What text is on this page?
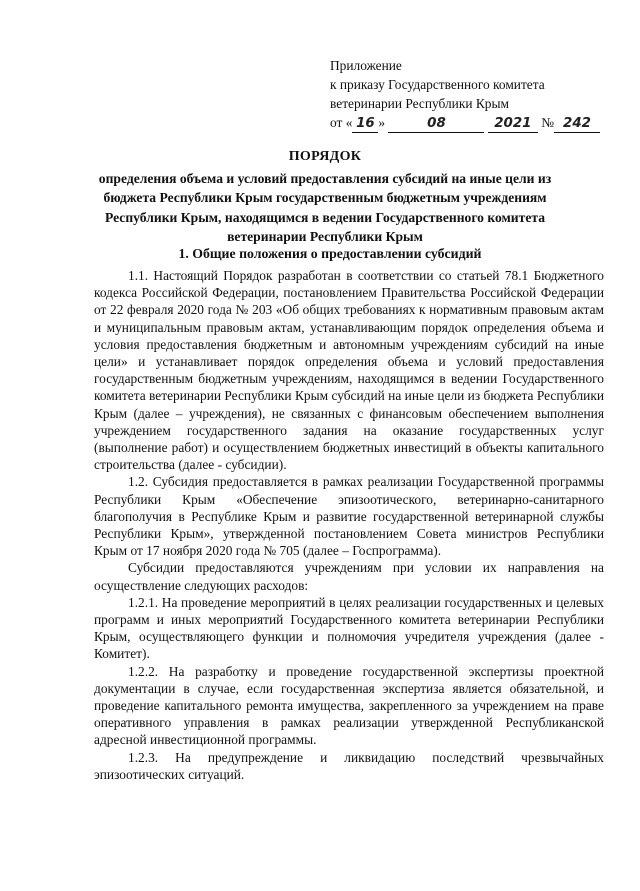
Приложение
к приказу Государственного комитета
ветеринарии Республики Крым
от « 16 »	08	2021 № 242
ПОРЯДОК
определения объема и условий предоставления субсидий на иные цели из
бюджета Республики Крым государственным бюджетным учреждениям
Республики Крым, находящимся в ведении Государственного комитета
ветеринарии Республики Крым
1. Общие положения о предоставлении субсидий

1.1. Настоящий Порядок разработан в соответствии со статьей 78.1 Бюджетного кодекса Российской Федерации, постановлением Правительства Российской Федерации от 22 февраля 2020 года № 203 «Об общих требованиях к нормативным правовым актам и муниципальным правовым актам, устанавливающим порядок определения объема и условия предоставления бюджетным и автономным учреждениям субсидий на иные цели» и устанавливает порядок определения объема и условий предоставления государственным бюджетным учреждениям, находящимся в ведении Государственного комитета ветеринарии Республики Крым субсидий на иные цели из бюджета Республики Крым (далее – учреждения), не связанных с финансовым обеспечением выполнения учреждением государственного задания на оказание государственных услуг (выполнение работ) и осуществлением бюджетных инвестиций в объекты капитального строительства (далее - субсидии).

1.2. Субсидия предоставляется в рамках реализации Государственной программы Республики Крым «Обеспечение эпизоотического, ветеринарно-санитарного благополучия в Республике Крым и развитие государственной ветеринарной службы Республики Крым», утвержденной постановлением Совета министров Республики Крым от 17 ноября 2020 года № 705 (далее – Госпрограмма).

Субсидии предоставляются учреждениям при условии их направления на осуществление следующих расходов:

1.2.1. На проведение мероприятий в целях реализации государственных и целевых программ и иных мероприятий Государственного комитета ветеринарии Республики Крым, осуществляющего функции и полномочия учредителя учреждения (далее - Комитет).

1.2.2. На разработку и проведение государственной экспертизы проектной документации в случае, если государственная экспертиза является обязательной, и проведение капитального ремонта имущества, закрепленного за учреждением на праве оперативного управления в рамках реализации утвержденной Республиканской адресной инвестиционной программы.

1.2.3. На предупреждение и ликвидацию последствий чрезвычайных эпизоотических ситуаций.
